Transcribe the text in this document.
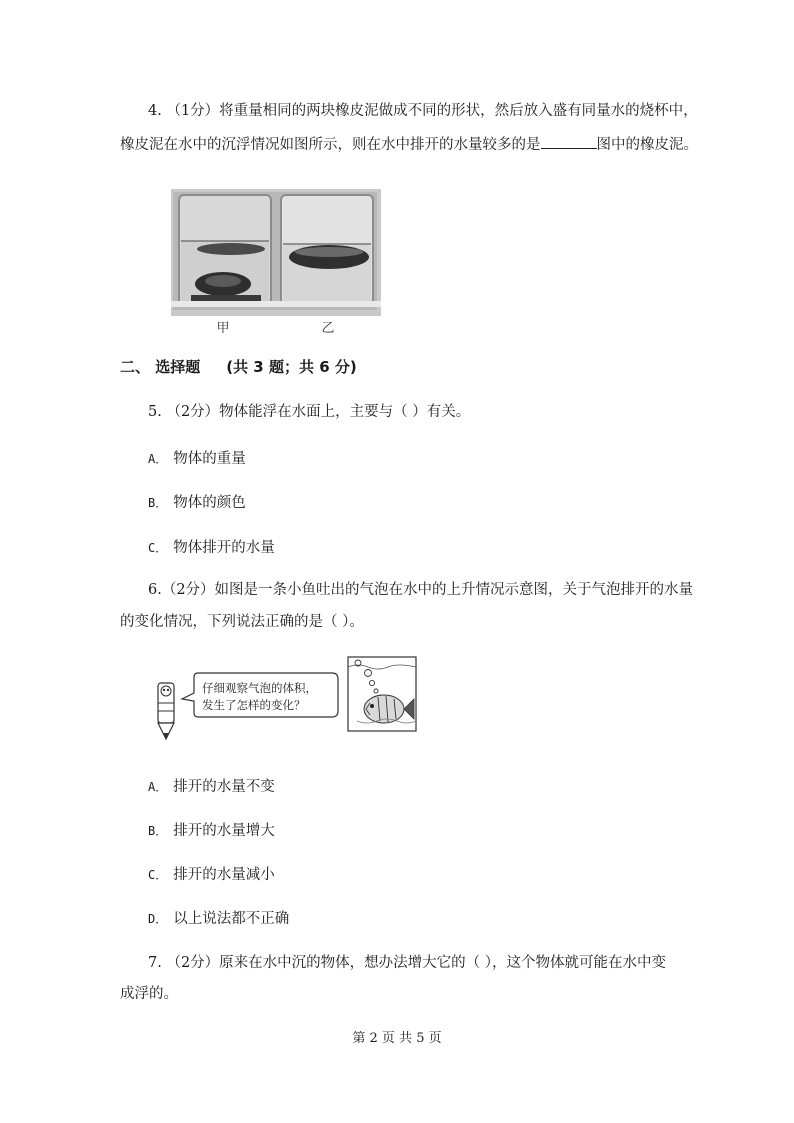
4. （1分）将重量相同的两块橡皮泥做成不同的形状，然后放入盛有同量水的烧杯中，
橡皮泥在水中的沉浮情况如图所示，则在水中排开的水量较多的是	图中的橡皮泥。
甲	乙
二、 选择题 (共 3 题；共 6 分)
5. （2分）物体能浮在水面上，主要与（ ）有关。
A． 物体的重量
B． 物体的颜色
C． 物体排开的水量
6.（2分）如图是一条小鱼吐出的气泡在水中的上升情况示意图，关于气泡排开的水量
的变化情况，下列说法正确的是（ ）。
仔细观察气泡的体积，
发生了怎样的变化？
A． 排开的水量不变
B． 排开的水量增大
C． 排开的水量减小
D． 以上说法都不正确
7. （2分）原来在水中沉的物体，想办法增大它的（ ），这个物体就可能在水中变
成浮的。
第 2 页 共 5 页
